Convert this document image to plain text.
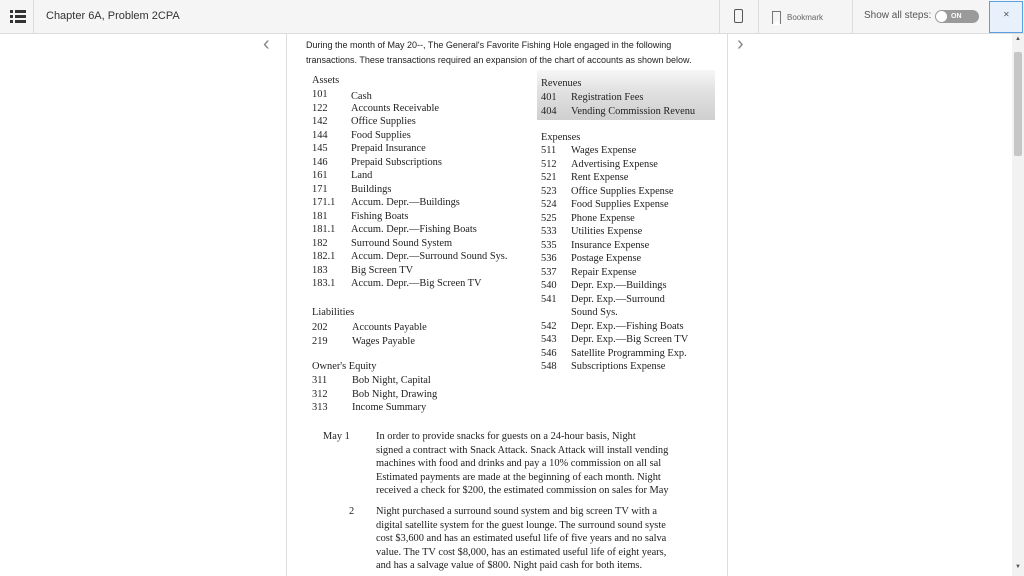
Chapter 6A, Problem 2CPA	Bookmark	Show all steps:	ON	✕
‹	›
During the month of May 20--, The General's Favorite Fishing Hole engaged in the following transactions. These transactions required an expansion of the chart of accounts as shown below.
Assets
101 Cash
122 Accounts Receivable
142 Office Supplies
144 Food Supplies
145 Prepaid Insurance
146 Prepaid Subscriptions
161 Land
171 Buildings
171.1 Accum. Depr.—Buildings
181 Fishing Boats
181.1 Accum. Depr.—Fishing Boats
182 Surround Sound System
182.1 Accum. Depr.—Surround Sound Sys.
183 Big Screen TV
183.1 Accum. Depr.—Big Screen TV
Liabilities
202 Accounts Payable
219 Wages Payable
Owner's Equity
311 Bob Night, Capital
312 Bob Night, Drawing
313 Income Summary
Revenues
401 Registration Fees
404 Vending Commission Revenu
Expenses
511 Wages Expense
512 Advertising Expense
521 Rent Expense
523 Office Supplies Expense
524 Food Supplies Expense
525 Phone Expense
533 Utilities Expense
535 Insurance Expense
536 Postage Expense
537 Repair Expense
540 Depr. Exp.—Buildings
541 Depr. Exp.—Surround
Sound Sys.
542 Depr. Exp.—Fishing Boats
543 Depr. Exp.—Big Screen TV
546 Satellite Programming Exp.
548 Subscriptions Expense
May 1	In order to provide snacks for guests on a 24-hour basis, Night
signed a contract with Snack Attack. Snack Attack will install vending
machines with food and drinks and pay a 10% commission on all sal
Estimated payments are made at the beginning of each month. Night
received a check for $200, the estimated commission on sales for May
2 Night purchased a surround sound system and big screen TV with a
digital satellite system for the guest lounge. The surround sound syste
cost $3,600 and has an estimated useful life of five years and no salva
value. The TV cost $8,000, has an estimated useful life of eight years,
and has a salvage value of $800. Night paid cash for both items.
▲
▼
